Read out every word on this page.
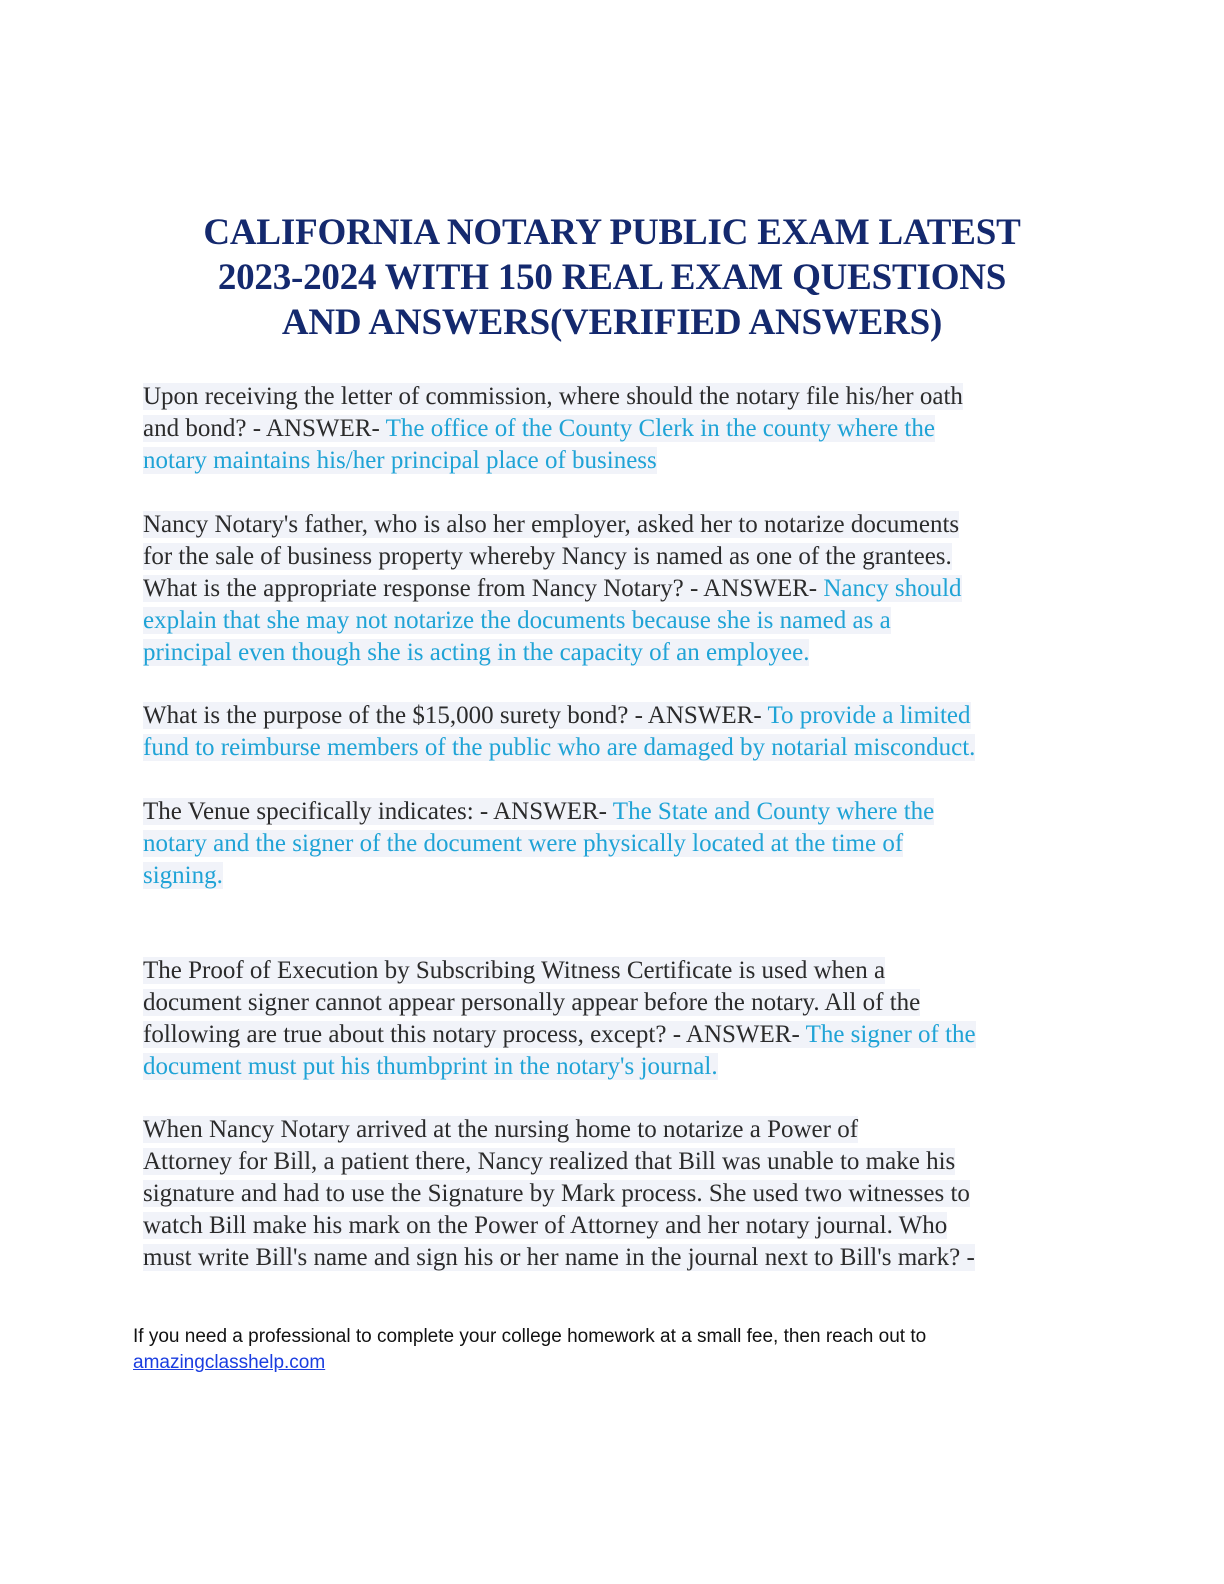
CALIFORNIA NOTARY PUBLIC EXAM LATEST
2023-2024 WITH 150 REAL EXAM QUESTIONS
AND ANSWERS(VERIFIED ANSWERS)
Upon receiving the letter of commission, where should the notary file his/her oath
and bond? - ANSWER- The office of the County Clerk in the county where the
notary maintains his/her principal place of business
Nancy Notary's father, who is also her employer, asked her to notarize documents
for the sale of business property whereby Nancy is named as one of the grantees.
What is the appropriate response from Nancy Notary? - ANSWER- Nancy should
explain that she may not notarize the documents because she is named as a
principal even though she is acting in the capacity of an employee.
What is the purpose of the $15,000 surety bond? - ANSWER- To provide a limited
fund to reimburse members of the public who are damaged by notarial misconduct.
The Venue specifically indicates: - ANSWER- The State and County where the
notary and the signer of the document were physically located at the time of
signing.
The Proof of Execution by Subscribing Witness Certificate is used when a
document signer cannot appear personally appear before the notary. All of the
following are true about this notary process, except? - ANSWER- The signer of the
document must put his thumbprint in the notary's journal.
When Nancy Notary arrived at the nursing home to notarize a Power of
Attorney for Bill, a patient there, Nancy realized that Bill was unable to make his
signature and had to use the Signature by Mark process. She used two witnesses to
watch Bill make his mark on the Power of Attorney and her notary journal. Who
must write Bill's name and sign his or her name in the journal next to Bill's mark? -
If you need a professional to complete your college homework at a small fee, then reach out to
amazingclasshelp.com
